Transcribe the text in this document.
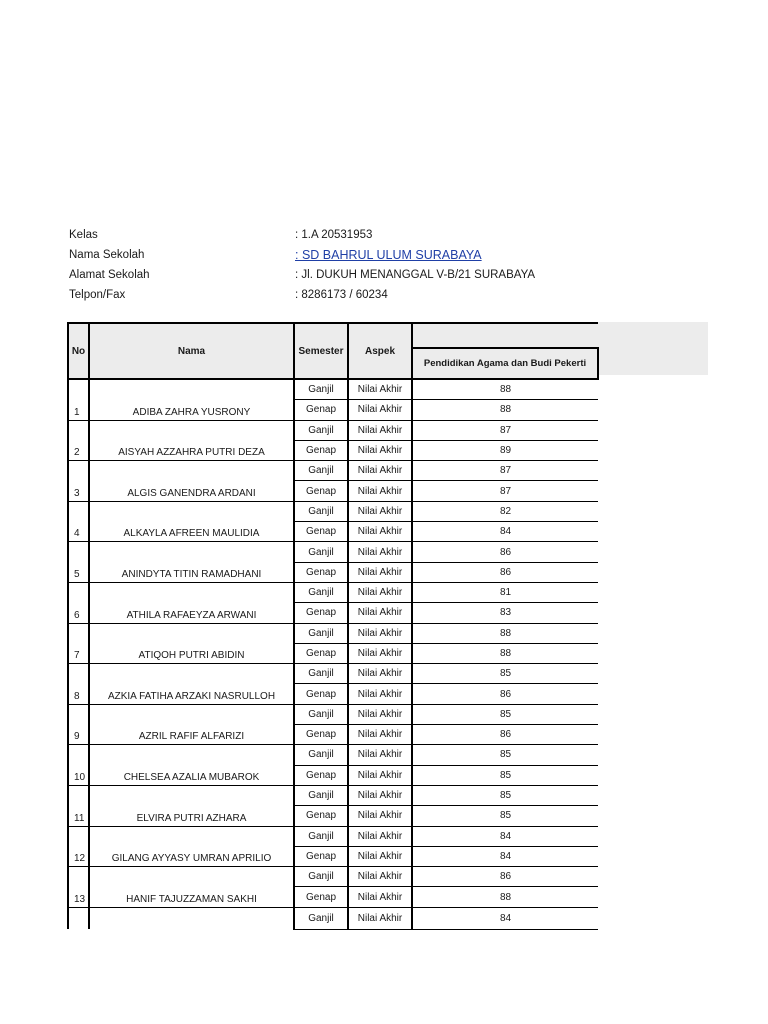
Kelas	: 1.A 20531953
Nama Sekolah	: SD BAHRUL ULUM SURABAYA
Alamat Sekolah	: Jl. DUKUH MENANGGAL V-B/21 SURABAYA
Telpon/Fax	: 8286173 / 60234
No	Nama	Semester	Aspek	
				Pendidikan Agama dan Budi Pekerti
1	ADIBA ZAHRA YUSRONY	Ganjil	Nilai Akhir	88
		Genap	Nilai Akhir	88
2	AISYAH AZZAHRA PUTRI DEZA	Ganjil	Nilai Akhir	87
		Genap	Nilai Akhir	89
3	ALGIS GANENDRA ARDANI	Ganjil	Nilai Akhir	87
		Genap	Nilai Akhir	87
4	ALKAYLA AFREEN MAULIDIA	Ganjil	Nilai Akhir	82
		Genap	Nilai Akhir	84
5	ANINDYTA TITIN RAMADHANI	Ganjil	Nilai Akhir	86
		Genap	Nilai Akhir	86
6	ATHILA RAFAEYZA ARWANI	Ganjil	Nilai Akhir	81
		Genap	Nilai Akhir	83
7	ATIQOH PUTRI ABIDIN	Ganjil	Nilai Akhir	88
		Genap	Nilai Akhir	88
8	AZKIA FATIHA ARZAKI NASRULLOH	Ganjil	Nilai Akhir	85
		Genap	Nilai Akhir	86
9	AZRIL RAFIF ALFARIZI	Ganjil	Nilai Akhir	85
		Genap	Nilai Akhir	86
10	CHELSEA AZALIA MUBAROK	Ganjil	Nilai Akhir	85
		Genap	Nilai Akhir	85
11	ELVIRA PUTRI AZHARA	Ganjil	Nilai Akhir	85
		Genap	Nilai Akhir	85
12	GILANG AYYASY UMRAN APRILIO	Ganjil	Nilai Akhir	84
		Genap	Nilai Akhir	84
13	HANIF TAJUZZAMAN SAKHI	Ganjil	Nilai Akhir	86
		Genap	Nilai Akhir	88
		Ganjil	Nilai Akhir	84
